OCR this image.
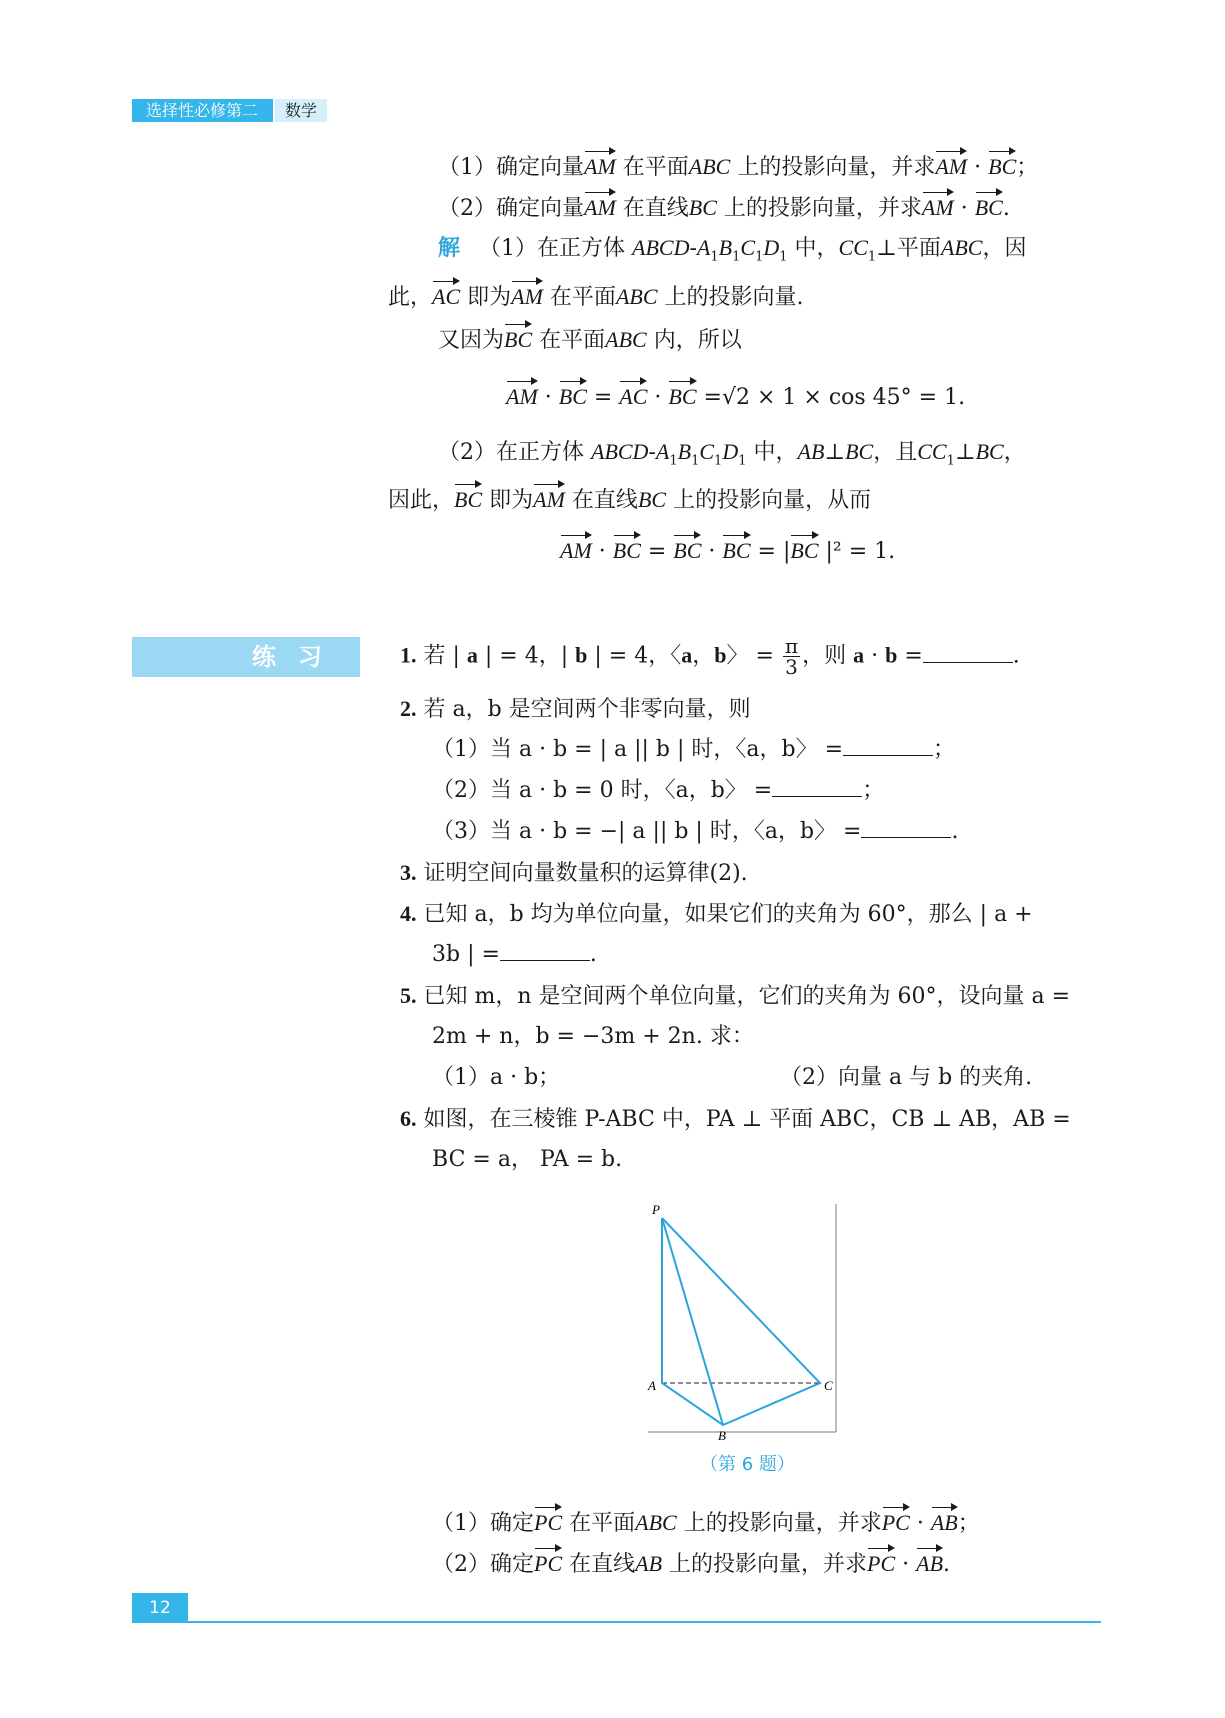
选择性必修第二册
数学
（1）确定向量AM 在平面ABC 上的投影向量，并求AM · BC；
（2）确定向量AM 在直线BC 上的投影向量，并求AM · BC.
解 （1）在正方体 ABCD-$A_1B_1C_1D_1$ 中，$CC_1\perp$平面ABC，因
此，AC 即为AM 在平面ABC 上的投影向量.
又因为BC 在平面ABC 内，所以
AM · BC = AC · BC =√2 × 1 × cos 45° = 1.
（2）在正方体 ABCD-$A_1B_1C_1D_1$ 中，AB⊥BC，且$CC_1\perp BC$，
因此，BC 即为AM 在直线BC 上的投影向量，从而
AM · BC = BC · BC = |BC |² = 1.
练习	1. 若 | a | = 4，| b | = 4，〈a，b〉 = $\frac{\pi}{3}$ ，则 a · b =	.
2. 若 a，b 是空间两个非零向量，则
（1）当 a · b = | a || b | 时，〈a，b〉 =	；
（2）当 a · b = 0 时，〈a，b〉 =	；
（3）当 a · b = −| a || b | 时，〈a，b〉 =	.
3. 证明空间向量数量积的运算律(2).
4. 已知 a，b 均为单位向量，如果它们的夹角为 60°，那么 | a +
3b | =	.
5. 已知 m，n 是空间两个单位向量，它们的夹角为 60°，设向量 a =
2m + n，b = −3m + 2n. 求：
（1）a · b；	（2）向量 a 与 b 的夹角.
6. 如图，在三棱锥 P-ABC 中，PA ⊥ 平面 ABC，CB ⊥ AB，AB =
BC = a， PA = b.
P
A
B
C
（第 6 题）
（1）确定PC 在平面ABC 上的投影向量，并求PC · AB；
（2）确定PC 在直线AB 上的投影向量，并求PC · AB.
12
